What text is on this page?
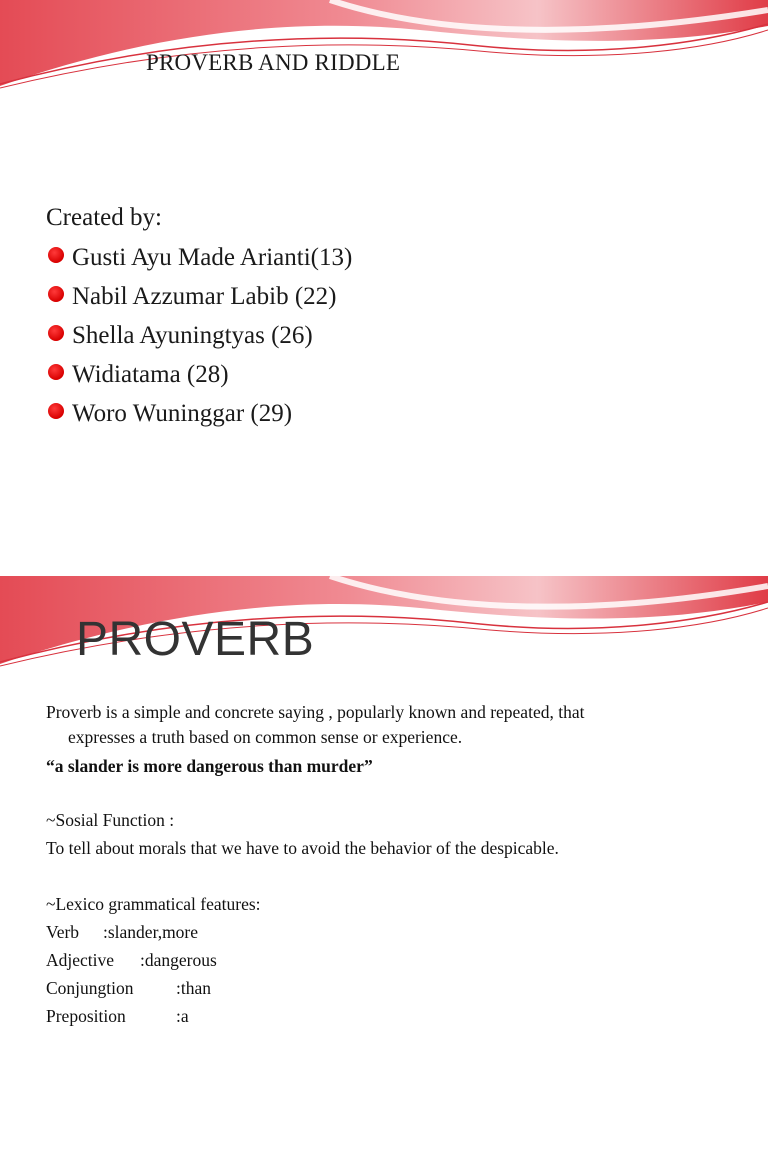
PROVERB AND RIDDLE
Created by:
Gusti Ayu Made Arianti(13)
Nabil Azzumar Labib (22)
Shella Ayuningtyas (26)
Widiatama (28)
Woro Wuninggar (29)
PROVERB

Proverb is a simple and concrete saying , popularly known and repeated, that
expresses a truth based on common sense or experience.

“a slander is more dangerous than murder”
~Sosial Function :
To tell about morals that we have to avoid the behavior of the despicable.
~Lexico grammatical features:
Verb :slander,more
Adjective :dangerous
Conjungtion :than
Preposition	:a
